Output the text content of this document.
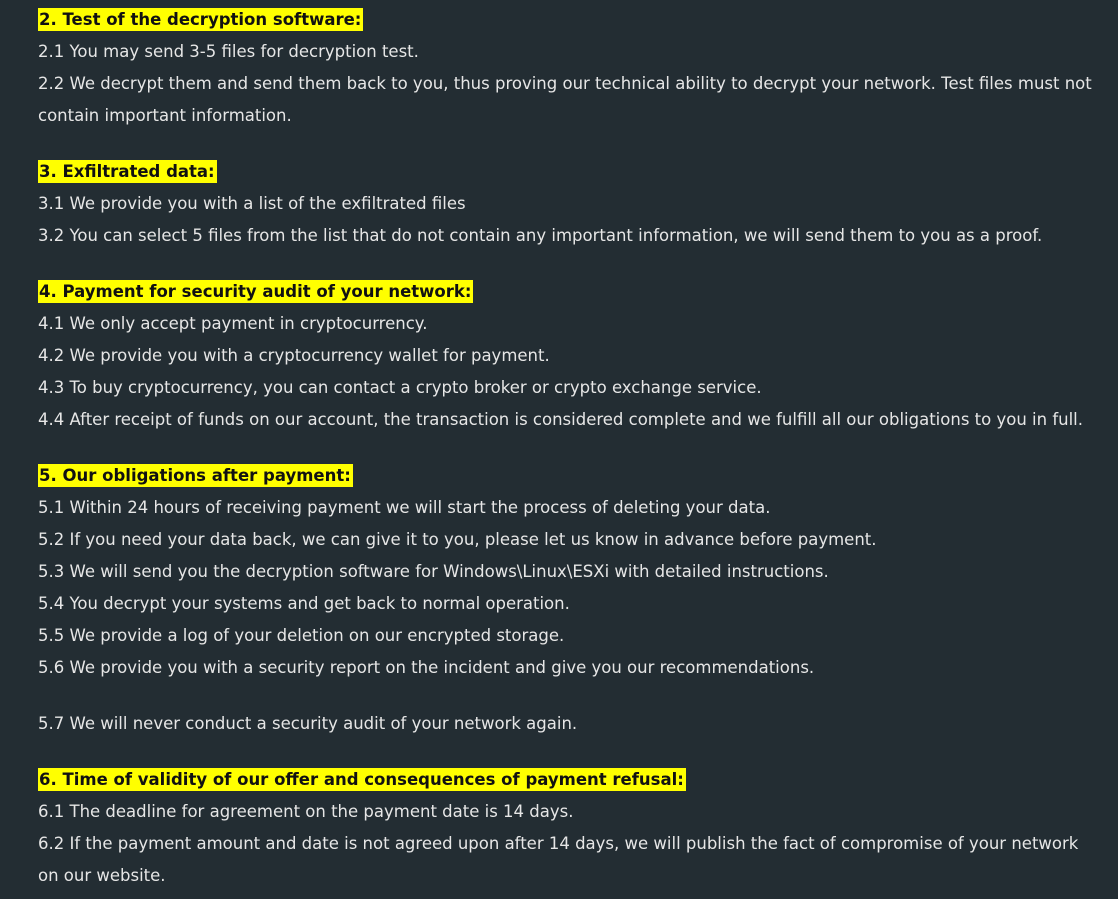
2. Test of the decryption software:
2.1 You may send 3-5 files for decryption test.
2.2 We decrypt them and send them back to you, thus proving our technical ability to decrypt your network. Test files must not contain important information.
3. Exfiltrated data:
3.1 We provide you with a list of the exfiltrated files
3.2 You can select 5 files from the list that do not contain any important information, we will send them to you as a proof.
4. Payment for security audit of your network:
4.1 We only accept payment in cryptocurrency.
4.2 We provide you with a cryptocurrency wallet for payment.
4.3 To buy cryptocurrency, you can contact a crypto broker or crypto exchange service.
4.4 After receipt of funds on our account, the transaction is considered complete and we fulfill all our obligations to you in full.
5. Our obligations after payment:
5.1 Within 24 hours of receiving payment we will start the process of deleting your data.
5.2 If you need your data back, we can give it to you, please let us know in advance before payment.
5.3 We will send you the decryption software for Windows\Linux\ESXi with detailed instructions.
5.4 You decrypt your systems and get back to normal operation.
5.5 We provide a log of your deletion on our encrypted storage.
5.6 We provide you with a security report on the incident and give you our recommendations.
5.7 We will never conduct a security audit of your network again.
6. Time of validity of our offer and consequences of payment refusal:
6.1 The deadline for agreement on the payment date is 14 days.
6.2 If the payment amount and date is not agreed upon after 14 days, we will publish the fact of compromise of your network on our website.
